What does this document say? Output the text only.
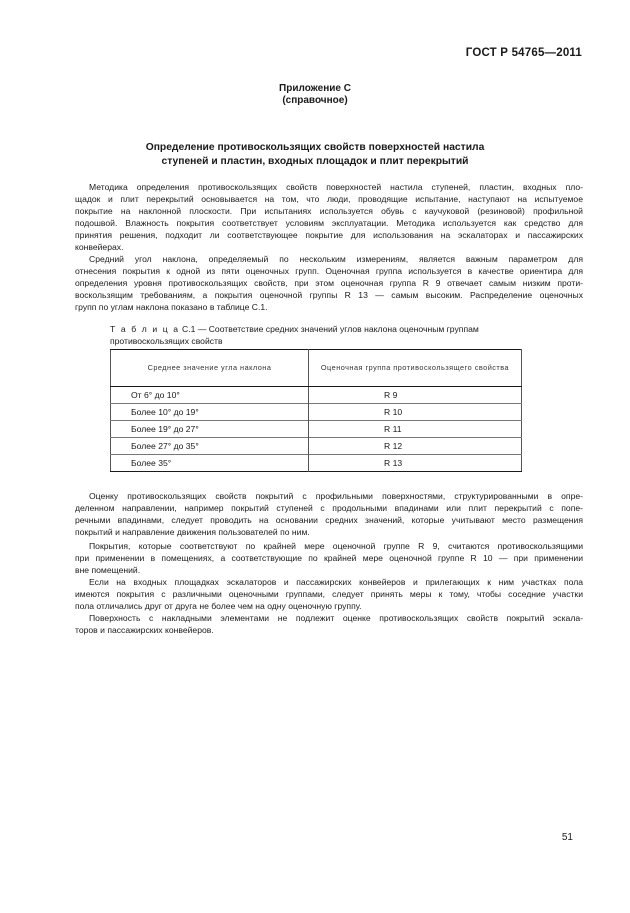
ГОСТ Р 54765—2011
Приложение С
(справочное)
Определение противоскользящих свойств поверхностей настила
ступеней и пластин, входных площадок и плит перекрытий
Методика определения противоскользящих свойств поверхностей настила ступеней, пластин, входных пло-
щадок и плит перекрытий основывается на том, что люди, проводящие испытание, наступают на испытуемое
покрытие на наклонной плоскости. При испытаниях используется обувь с каучуковой (резиновой) профильной
подошвой. Влажность покрытия соответствует условиям эксплуатации. Методика используется как средство для
принятия решения, подходит ли соответствующее покрытие для использования на эскалаторах и пассажирских
конвейерах.
Средний угол наклона, определяемый по нескольким измерениям, является важным параметром для
отнесения покрытия к одной из пяти оценочных групп. Оценочная группа используется в качестве ориентира для
определения уровня противоскользящих свойств, при этом оценочная группа R 9 отвечает самым низким проти-
воскользящим требованиям, а покрытия оценочной группы R 13 — самым высоким. Распределение оценочных
групп по углам наклона показано в таблице С.1.
Т а б л и ц а С.1 — Соответствие средних значений углов наклона оценочным группам
противоскользящих свойств
Среднее значение угла наклона	Оценочная группа противоскользящего свойства
От 6° до 10°	R 9
Более 10° до 19°	R 10
Более 19° до 27°	R 11
Более 27° до 35°	R 12
Более 35°	R 13
Оценку противоскользящих свойств покрытий с профильными поверхностями, структурированными в опре-
деленном направлении, например покрытий ступеней с продольными впадинами или плит перекрытий с попе-
речными впадинами, следует проводить на основании средних значений, которые учитывают место размещения
покрытий и направление движения пользователей по ним.
Покрытия, которые соответствуют по крайней мере оценочной группе R 9, считаются противоскользящими
при применении в помещениях, а соответствующие по крайней мере оценочной группе R 10 — при применении
вне помещений.
Если на входных площадках эскалаторов и пассажирских конвейеров и прилегающих к ним участках пола
имеются покрытия с различными оценочными группами, следует принять меры к тому, чтобы соседние участки
пола отличались друг от друга не более чем на одну оценочную группу.
Поверхность с накладными элементами не подлежит оценке противоскользящих свойств покрытий эскала-
торов и пассажирских конвейеров.
51
